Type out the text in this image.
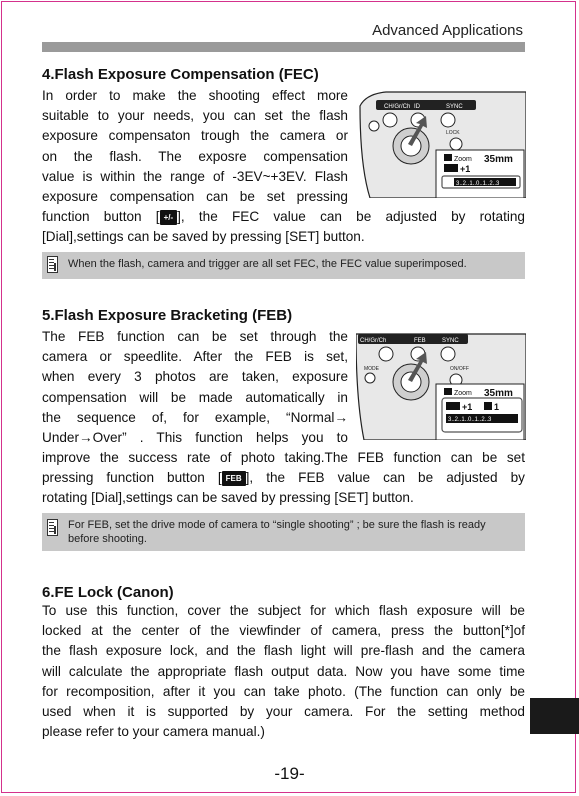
Advanced Applications
4.Flash Exposure Compensation (FEC)
In order to make the shooting effect more
suitable to your needs, you can set the flash
exposure compensaton trough the camera or
on the flash. The exposre compensation
value is within the range of -3EV~+3EV. Flash
exposure compensation can be set pressing
function button [ +/- ], the FEC value can be adjusted by rotating
[Dial],settings can be saved by pressing [SET] button.
CH/Gr/Ch ID	SYNC
LOCK
Zoom 35mm
+1
3..2..1..0..1..2..3
When the flash, camera and trigger are all set FEC, the FEC value superimposed.
5.Flash Exposure Bracketing (FEB)
The FEB function can be set through the
camera or speedlite. After the FEB is set,
when every 3 photos are taken, exposure
compensation will be made automatically in
the sequence of, for example, “Normal→
Under→Over” . This function helps you to
improve the success rate of photo taking.The FEB function can be set
pressing function button [ FEB ], the FEB value can be adjusted by
rotating [Dial],settings can be saved by pressing [SET] button.
CH/Gr/Ch	FEB	SYNC
MODE	ON/OFF
Zoom 35mm
+1 1
3..2..1..0..1..2..3
For FEB, set the drive mode of camera to “single shooting” ; be sure the flash is ready before shooting.
6.FE Lock (Canon)
To use this function, cover the subject for which flash exposure will be
locked at the center of the viewfinder of camera, press the button[*]of
the flash exposure lock, and the flash light will pre-flash and the camera
will calculate the appropriate flash output data. Now you have some time
for recomposition, after it you can take photo. (The function can only be
used when it is supported by your camera. For the setting method
please refer to your camera manual.)
-19-
